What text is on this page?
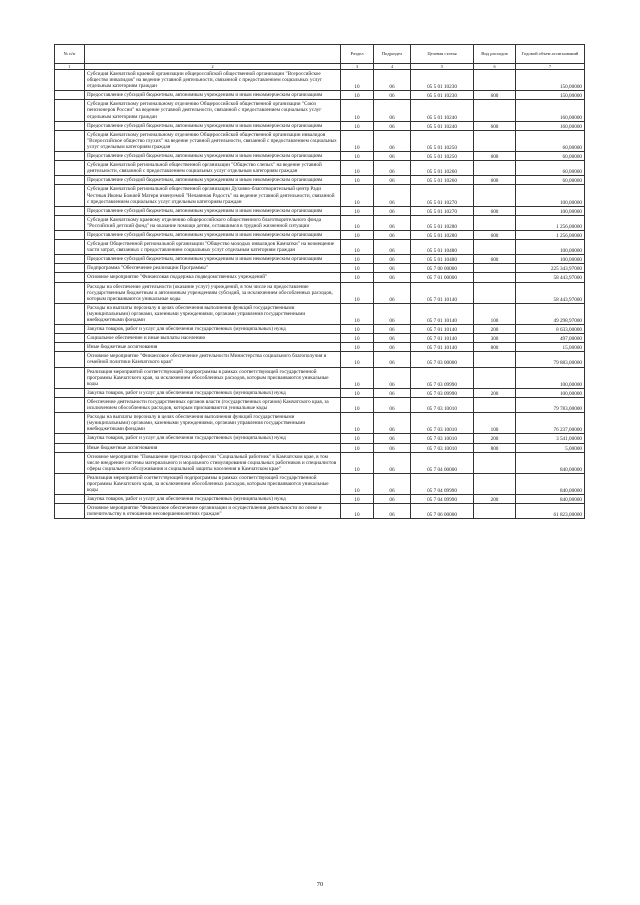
№ п/п		Раздел	Подраздел	Целевая статья	Вид расходов	Годовой объем ассигнований
1	2	3	4	5	6	7
	Субсидия Камчатской краевой организации общероссийской общественной организации "Всероссийское общество инвалидов" на ведение уставной деятельности, связанной с предоставлением социальных услуг отдельным категориям граждан	10	06	05 5 01 10230		150,00000
	Предоставление субсидий бюджетным, автономным учреждениям и иным некоммерческим организациям	10	06	05 5 01 10230	600	150,00000
	Субсидия Камчатскому региональному отделению Общероссийской общественной организации "Союз пенсионеров России" на ведение уставной деятельности, связанной с предоставлением социальных услуг отдельным категориям граждан	10	06	05 5 01 10240		160,00000
	Предоставление субсидий бюджетным, автономным учреждениям и иным некоммерческим организациям	10	06	05 5 01 10240	600	160,00000
	Субсидия Камчатскому региональному отделению Общероссийской общественной организации инвалидов "Всероссийское общество глухих" на ведение уставной деятельности, связанной с предоставлением социальных услуг отдельным категориям граждан	10	06	05 5 01 10250		60,00000
	Предоставление субсидий бюджетным, автономным учреждениям и иным некоммерческим организациям	10	06	05 5 01 10250	600	60,00000
	Субсидия Камчатской региональной общественной организации "Общество слепых" на ведение уставной деятельности, связанной с предоставлением социальных услуг отдельным категориям граждан	10	06	05 5 01 10260		60,00000
	Предоставление субсидий бюджетным, автономным учреждениям и иным некоммерческим организациям	10	06	05 5 01 10260	600	60,00000
	Субсидия Камчатской региональной общественной организации Духовно-благотворительный центр Ради Честныя Иконы Божией Матери именуемой "Нечаянная Радость" на ведение уставной деятельности, связанной с предоставлением социальных услуг отдельным категориям граждан	10	06	05 5 01 10270		100,00000
	Предоставление субсидий бюджетным, автономным учреждениям и иным некоммерческим организациям	10	06	05 5 01 10270	600	100,00000
	Субсидия Камчатскому краевому отделению общероссийского общественного благотворительного фонда "Российский детский фонд" на оказание помощи детям, оставшимся в трудной жизненной ситуации	10	06	05 5 01 10280		1 256,00000
	Предоставление субсидий бюджетным, автономным учреждениям и иным некоммерческим организациям	10	06	05 5 01 10280	600	1 256,00000
	Субсидия Общественной региональной организации "Общество молодых инвалидов Камчатки" на возмещение части затрат, связанных с предоставлением социальных услуг отдельным категориям граждан	10	06	05 5 01 10480		100,00000
	Предоставление субсидий бюджетным, автономным учреждениям и иным некоммерческим организациям	10	06	05 5 01 10480	600	100,00000
	Подпрограмма "Обеспечение реализации Программы"	10	06	05 7 00 00000		225 343,97000
	Основное мероприятие "Финансовая поддержка подведомственных учреждений"	10	06	05 7 01 00000		58 443,97000
	Расходы на обеспечение деятельности (оказание услуг) учреждений, в том числе на предоставление государственным бюджетным и автономным учреждениям субсидий, за исключением обособленных расходов, которым присваиваются уникальные коды	10	06	05 7 01 10140		58 443,97000
	Расходы на выплаты персоналу в целях обеспечения выполнения функций государственными (муниципальными) органами, казенными учреждениями, органами управления государственными внебюджетными фондами	10	06	05 7 01 10140	100	49 298,97000
	Закупка товаров, работ и услуг для обеспечения государственных (муниципальных) нужд	10	06	05 7 01 10140	200	8 633,00000
	Социальное обеспечение и иные выплаты населению	10	06	05 7 01 10140	300	497,00000
	Иные бюджетные ассигнования	10	06	05 7 01 10140	800	15,00000
	Основное мероприятие "Финансовое обеспечение деятельности Министерства социального благополучия и семейной политики Камчатского края"	10	06	05 7 03 00000		79 883,00000
	Реализация мероприятий соответствующей подпрограммы в рамках соответствующей государственной программы Камчатского края, за исключением обособленных расходов, которым присваиваются уникальные коды	10	06	05 7 03 09990		100,00000
	Закупка товаров, работ и услуг для обеспечения государственных (муниципальных) нужд	10	06	05 7 03 09990	200	100,00000
	Обеспечение деятельности государственных органов власти (государственных органов) Камчатского края, за исключением обособленных расходов, которым присваиваются уникальные коды	10	06	05 7 03 10010		79 783,00000
	Расходы на выплаты персоналу в целях обеспечения выполнения функций государственными (муниципальными) органами, казенными учреждениями, органами управления государственными внебюджетными фондами	10	06	05 7 03 10010	100	76 237,00000
	Закупка товаров, работ и услуг для обеспечения государственных (муниципальных) нужд	10	06	05 7 03 10010	200	3 541,00000
	Иные бюджетные ассигнования	10	06	05 7 03 10010	800	5,00000
	Основное мероприятие "Повышение престижа профессии "Социальный работник" в Камчатском крае, в том числе внедрение системы материального и морального стимулирования социальных работников и специалистов сферы социального обслуживания и социальной защиты населения в Камчатском крае"	10	06	05 7 04 00000		840,00000
	Реализация мероприятий соответствующей подпрограммы в рамках соответствующей государственной программы Камчатского края, за исключением обособленных расходов, которым присваиваются уникальные коды	10	06	05 7 04 09990		840,00000
	Закупка товаров, работ и услуг для обеспечения государственных (муниципальных) нужд	10	06	05 7 04 09990	200	840,00000
	Основное мероприятие "Финансовое обеспечение организации и осуществления деятельности по опеке и попечительству в отношении несовершеннолетних граждан"	10	06	05 7 06 00000		61 823,00000
70
